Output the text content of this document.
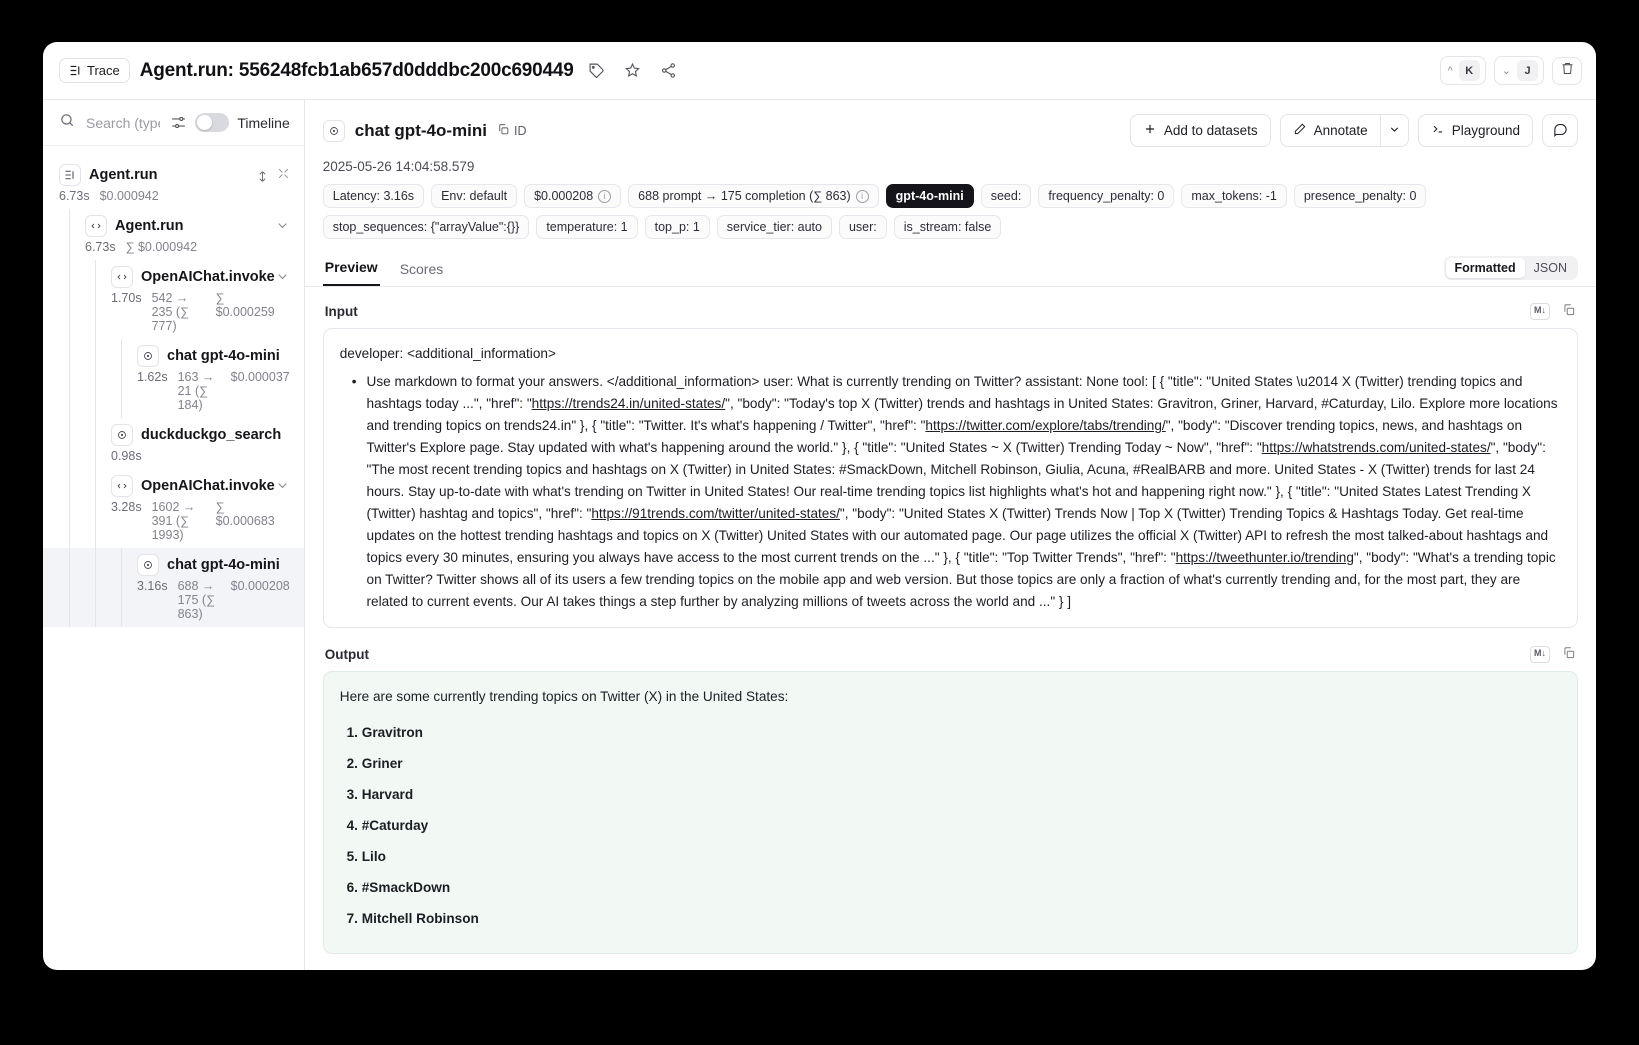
Trace Agent.run: 556248fcb1ab657d0dddbc200c690449	^	K	⌄	J
Search (type, title, id)
Timeline
Agent.run
6.73s $0.000942
Agent.run
6.73s ∑ $0.000942
OpenAIChat.invoke
1.70s 542 → 235 (∑ 777)
∑ $0.000259
chat gpt-4o-mini
1.62s 163 → 21 (∑ 184)
$0.000037
duckduckgo_search
0.98s
OpenAIChat.invoke
3.28s 1602 → 391 (∑ 1993)
∑ $0.000683
chat gpt-4o-mini
3.16s 688 → 175 (∑ 863)
$0.000208
chat gpt-4o-mini ID	Add to datasets	Annotate	Playground
2025-05-26 14:04:58.579
Latency: 3.16s Env: default $0.000208	i	688 prompt → 175 completion (∑ 863)	i	gpt-4o-mini seed: frequency_penalty: 0 max_tokens: -1 presence_penalty: 0
stop_sequences: {"arrayValue":{}} temperature: 1 top_p: 1 service_tier: auto user: is_stream: false
Preview Scores	Formatted	JSON
Input	M↓
developer: <additional_information>
• Use markdown to format your answers. </additional_information> user: What is currently trending on Twitter? assistant: None tool: [ { "title": "United States \u2014 X (Twitter) trending topics and hashtags today ...", "href": "https://trends24.in/united-states/", "body": "Today's top X (Twitter) trends and hashtags in United States: Gravitron, Griner, Harvard, #Caturday, Lilo. Explore more locations and trending topics on trends24.in" }, { "title": "Twitter. It's what's happening / Twitter", "href": "https://twitter.com/explore/tabs/trending/", "body": "Discover trending topics, news, and hashtags on Twitter's Explore page. Stay updated with what's happening around the world." }, { "title": "United States ~ X (Twitter) Trending Today ~ Now", "href": "https://whatstrends.com/united-states/", "body": "The most recent trending topics and hashtags on X (Twitter) in United States: #SmackDown, Mitchell Robinson, Giulia, Acuna, #RealBARB and more. United States - X (Twitter) trends for last 24 hours. Stay up-to-date with what's trending on Twitter in United States! Our real-time trending topics list highlights what's hot and happening right now." }, { "title": "United States Latest Trending X (Twitter) hashtag and topics", "href": "https://91trends.com/twitter/united-states/", "body": "United States X (Twitter) Trends Now | Top X (Twitter) Trending Topics & Hashtags Today. Get real-time updates on the hottest trending hashtags and topics on X (Twitter) United States with our automated page. Our page utilizes the official X (Twitter) API to refresh the most talked-about hashtags and topics every 30 minutes, ensuring you always have access to the most current trends on the ..." }, { "title": "Top Twitter Trends", "href": "https://tweethunter.io/trending", "body": "What's a trending topic on Twitter? Twitter shows all of its users a few trending topics on the mobile app and web version. But those topics are only a fraction of what's currently trending and, for the most part, they are related to current events. Our AI takes things a step further by analyzing millions of tweets across the world and ..." } ]
Output	M↓
Here are some currently trending topics on Twitter (X) in the United States:
1. Gravitron
2. Griner
3. Harvard
4. #Caturday
5. Lilo
6. #SmackDown
7. Mitchell Robinson
